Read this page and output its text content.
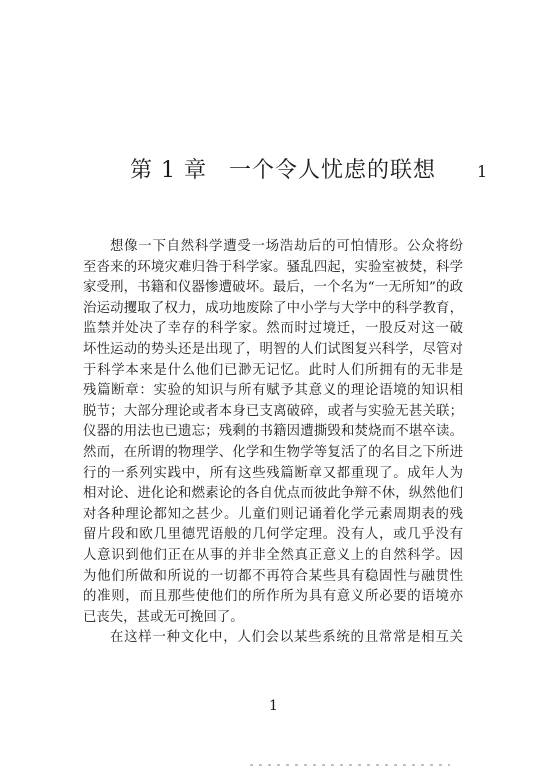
第 1 章 一个令人忧虑的联想	1
想像一下自然科学遭受一场浩劫后的可怕情形。公众将纷
至沓来的环境灾难归咎于科学家。骚乱四起，实验室被焚，科学
家受刑，书籍和仪器惨遭破坏。最后，一个名为“一无所知”的政
治运动攫取了权力，成功地废除了中小学与大学中的科学教育，
监禁并处决了幸存的科学家。然而时过境迁，一股反对这一破
坏性运动的势头还是出现了，明智的人们试图复兴科学，尽管对
于科学本来是什么他们已渺无记忆。此时人们所拥有的无非是
残篇断章：实验的知识与所有赋予其意义的理论语境的知识相
脱节；大部分理论或者本身已支离破碎，或者与实验无甚关联；
仪器的用法也已遗忘；残剩的书籍因遭撕毁和焚烧而不堪卒读。
然而，在所谓的物理学、化学和生物学等复活了的名目之下所进
行的一系列实践中，所有这些残篇断章又都重现了。成年人为
相对论、进化论和燃素论的各自优点而彼此争辩不休，纵然他们
对各种理论都知之甚少。儿童们则记诵着化学元素周期表的残
留片段和欧几里德咒语般的几何学定理。没有人，或几乎没有
人意识到他们正在从事的并非全然真正意义上的自然科学。因
为他们所做和所说的一切都不再符合某些具有稳固性与融贯性
的准则，而且那些使他们的所作所为具有意义所必要的语境亦
已丧失，甚或无可挽回了。
在这样一种文化中，人们会以某些系统的且常常是相互关
1
